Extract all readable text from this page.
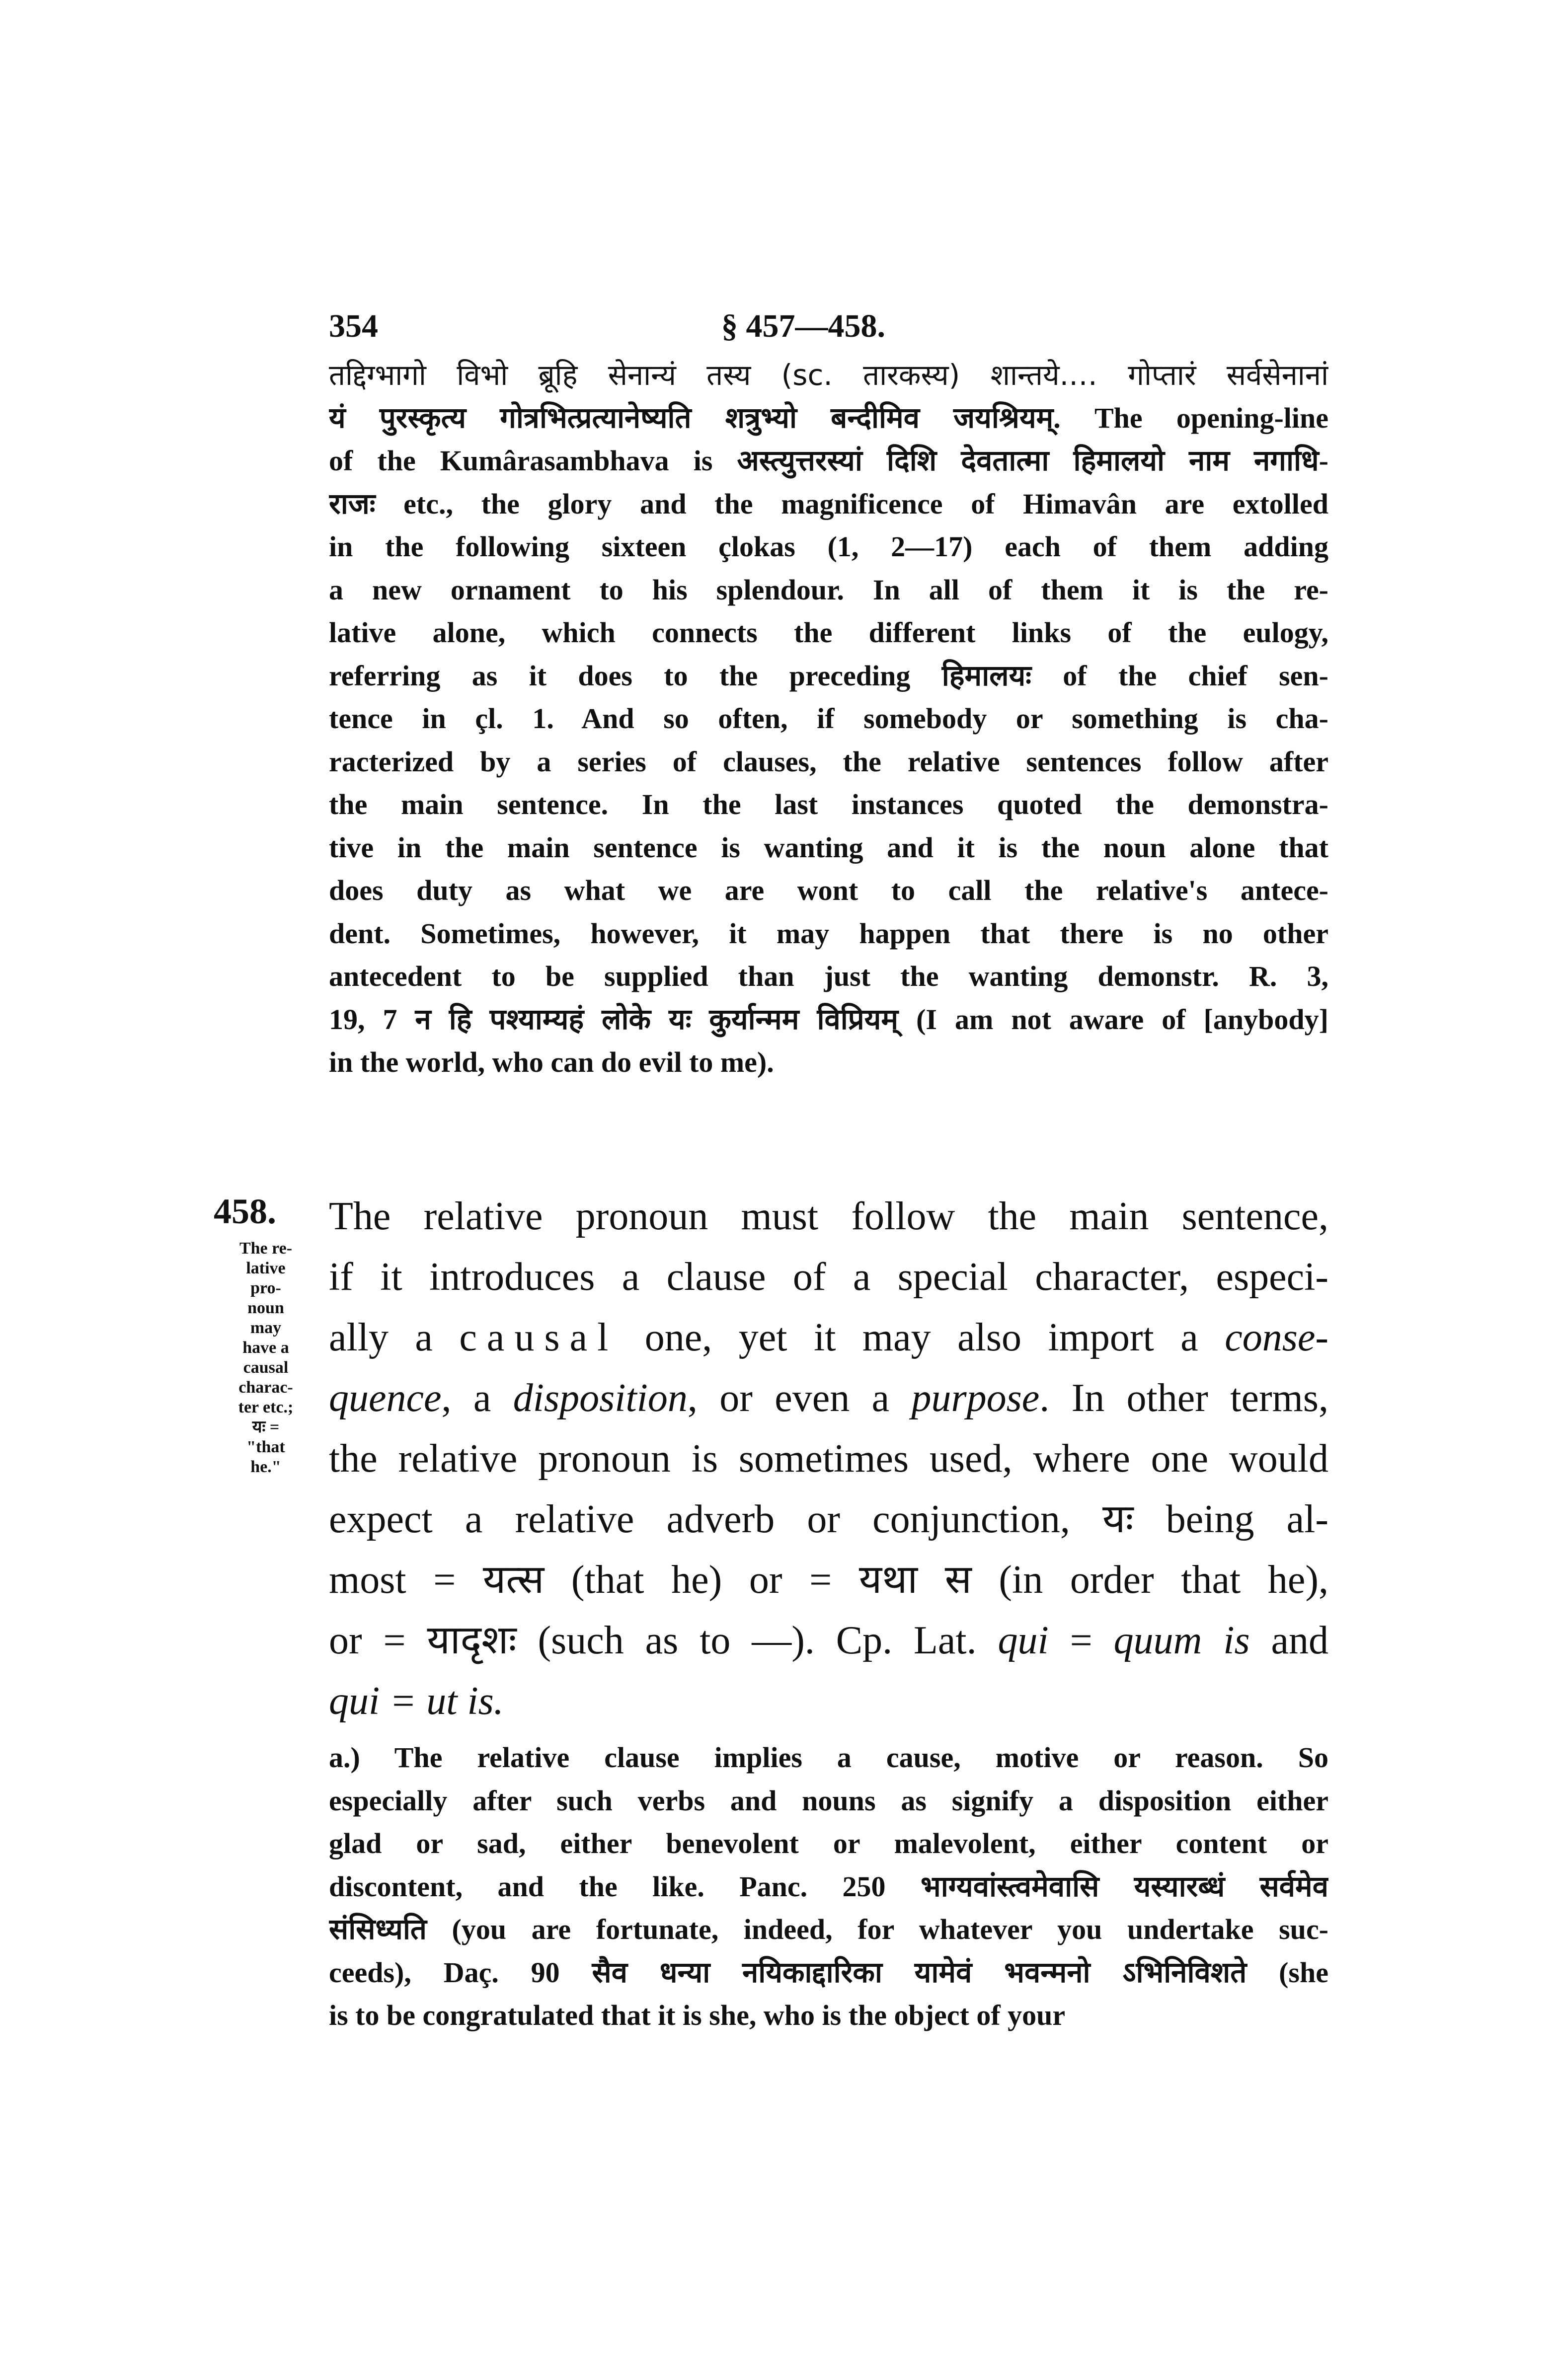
354	§ 457—458.
तद्दिग्भागो विभो ब्रूहि सेनान्यं तस्य (sc. तारकस्य) शान्तये.… गोप्तारं सर्वसेनानां
यं पुरस्कृत्य गोत्रभित्प्रत्यानेष्यति शत्रुभ्यो बन्दीमिव जयश्रियम्. The opening-line
of the Kumârasambhava is अस्त्युत्तरस्यां दिशि देवतात्मा हिमालयो नाम नगाधि-
राजः etc., the glory and the magnificence of Himavân are extolled
in the following sixteen çlokas (1, 2—17) each of them adding
a new ornament to his splendour. In all of them it is the re-
lative alone, which connects the different links of the eulogy,
referring as it does to the preceding हिमालयः of the chief sen-
tence in çl. 1. And so often, if somebody or something is cha-
racterized by a series of clauses, the relative sentences follow after
the main sentence. In the last instances quoted the demonstra-
tive in the main sentence is wanting and it is the noun alone that
does duty as what we are wont to call the relative's antece-
dent. Sometimes, however, it may happen that there is no other
antecedent to be supplied than just the wanting demonstr. R. 3,
19, 7 न हि पश्याम्यहं लोके यः कुर्यान्मम विप्रियम् (I am not aware of [anybody]
in the world, who can do evil to me).
458.
The re-
lative
pro-
noun
may
have a
causal
charac-
ter etc.;
यः =
"that
he."
The relative pronoun must follow the main sentence,
if it introduces a clause of a special character, especi-
ally a causal one, yet it may also import a conse-
quence, a disposition, or even a purpose. In other terms,
the relative pronoun is sometimes used, where one would
expect a relative adverb or conjunction, यः being al-
most = यत्स (that he) or = यथा स (in order that he),
or = यादृशः (such as to —). Cp. Lat. qui = quum is and
qui = ut is.
a.) The relative clause implies a cause, motive or reason. So
especially after such verbs and nouns as signify a disposition either
glad or sad, either benevolent or malevolent, either content or
discontent, and the like. Panc. 250 भाग्यवांस्त्वमेवासि यस्यारब्धं सर्वमेव
संसिध्यति (you are fortunate, indeed, for whatever you undertake suc-
ceeds), Daç. 90 सैव धन्या नयिकाद्दारिका यामेवं भवन्मनो ऽभिनिविशते (she
is to be congratulated that it is she, who is the object of your
